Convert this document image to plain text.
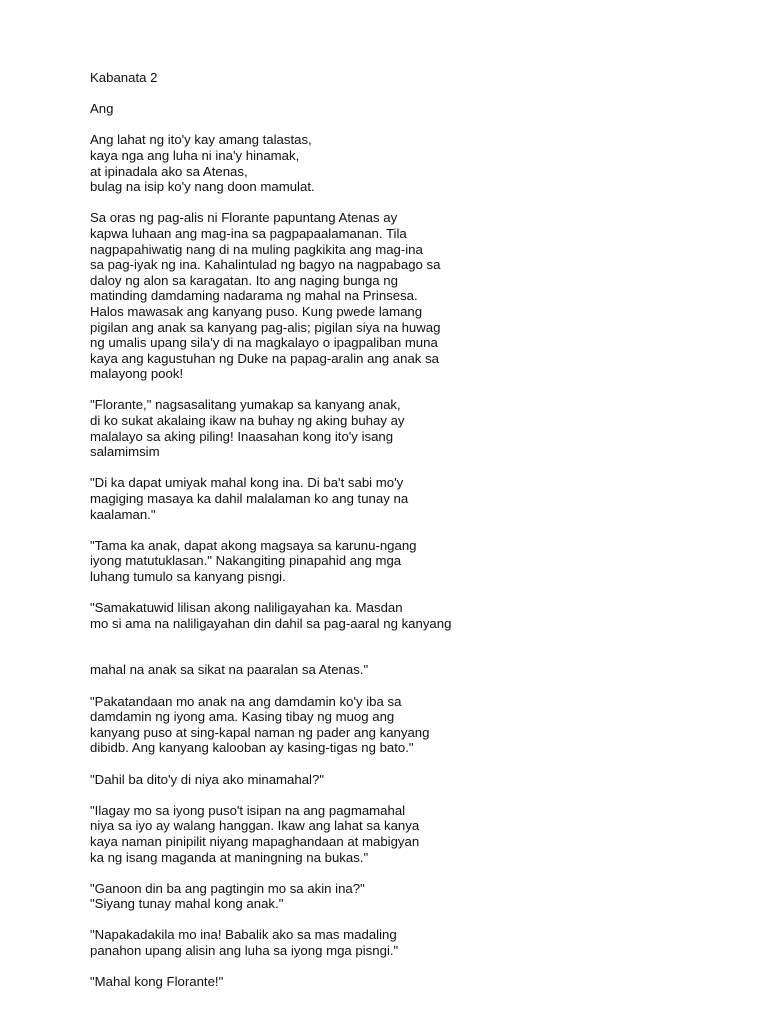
Kabanata 2

Ang

Ang lahat ng ito'y kay amang talastas,

kaya nga ang luha ni ina'y hinamak,

at ipinadala ako sa Atenas,

bulag na isip ko'y nang doon mamulat.

Sa oras ng pag-alis ni Florante papuntang Atenas ay

kapwa luhaan ang mag-ina sa pagpapaalamanan. Tila

nagpapahiwatig nang di na muling pagkikita ang mag-ina

sa pag-iyak ng ina. Kahalintulad ng bagyo na nagpabago sa

daloy ng alon sa karagatan. Ito ang naging bunga ng

matinding damdaming nadarama ng mahal na Prinsesa.

Halos mawasak ang kanyang puso. Kung pwede lamang

pigilan ang anak sa kanyang pag-alis; pigilan siya na huwag

ng umalis upang sila'y di na magkalayo o ipagpaliban muna

kaya ang kagustuhan ng Duke na papag-aralin ang anak sa

malayong pook!

"Florante," nagsasalitang yumakap sa kanyang anak,

di ko sukat akalaing ikaw na buhay ng aking buhay ay

malalayo sa aking piling! Inaasahan kong ito'y isang

salamimsim

"Di ka dapat umiyak mahal kong ina. Di ba't sabi mo'y

magiging masaya ka dahil malalaman ko ang tunay na

kaalaman."

"Tama ka anak, dapat akong magsaya sa karunu-ngang

iyong matutuklasan." Nakangiting pinapahid ang mga

luhang tumulo sa kanyang pisngi.

"Samakatuwid lilisan akong naliligayahan ka. Masdan

mo si ama na naliligayahan din dahil sa pag-aaral ng kanyang

mahal na anak sa sikat na paaralan sa Atenas."

"Pakatandaan mo anak na ang damdamin ko'y iba sa

damdamin ng iyong ama. Kasing tibay ng muog ang

kanyang puso at sing-kapal naman ng pader ang kanyang

dibidb. Ang kanyang kalooban ay kasing-tigas ng bato."

"Dahil ba dito'y di niya ako minamahal?"

"Ilagay mo sa iyong puso't isipan na ang pagmamahal

niya sa iyo ay walang hanggan. Ikaw ang lahat sa kanya

kaya naman pinipilit niyang mapaghandaan at mabigyan

ka ng isang maganda at maningning na bukas."

"Ganoon din ba ang pagtingin mo sa akin ina?"

"Siyang tunay mahal kong anak."

"Napakadakila mo ina! Babalik ako sa mas madaling

panahon upang alisin ang luha sa iyong mga pisngi."

"Mahal kong Florante!"
